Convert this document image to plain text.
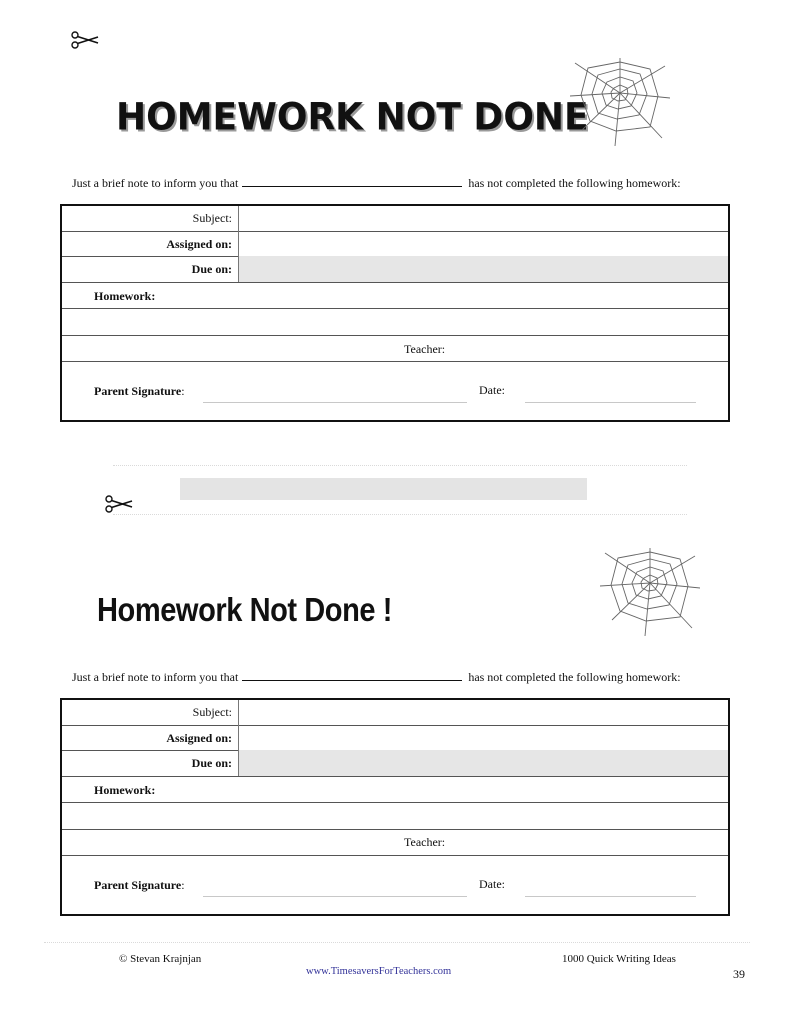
HOMEWORK NOT DONE
Just a brief note to inform you that	has not completed the following homework:
Subject:
Assigned on:
Due on:
Homework:
Teacher:
Parent Signature:	Date:
Homework Not Done !
Just a brief note to inform you that	has not completed the following homework:
Subject:
Assigned on:
Due on:
Homework:
Teacher:
Parent Signature:	Date:
© Stevan Krajnjan	1000 Quick Writing Ideas
www.TimesaversForTeachers.com	39
